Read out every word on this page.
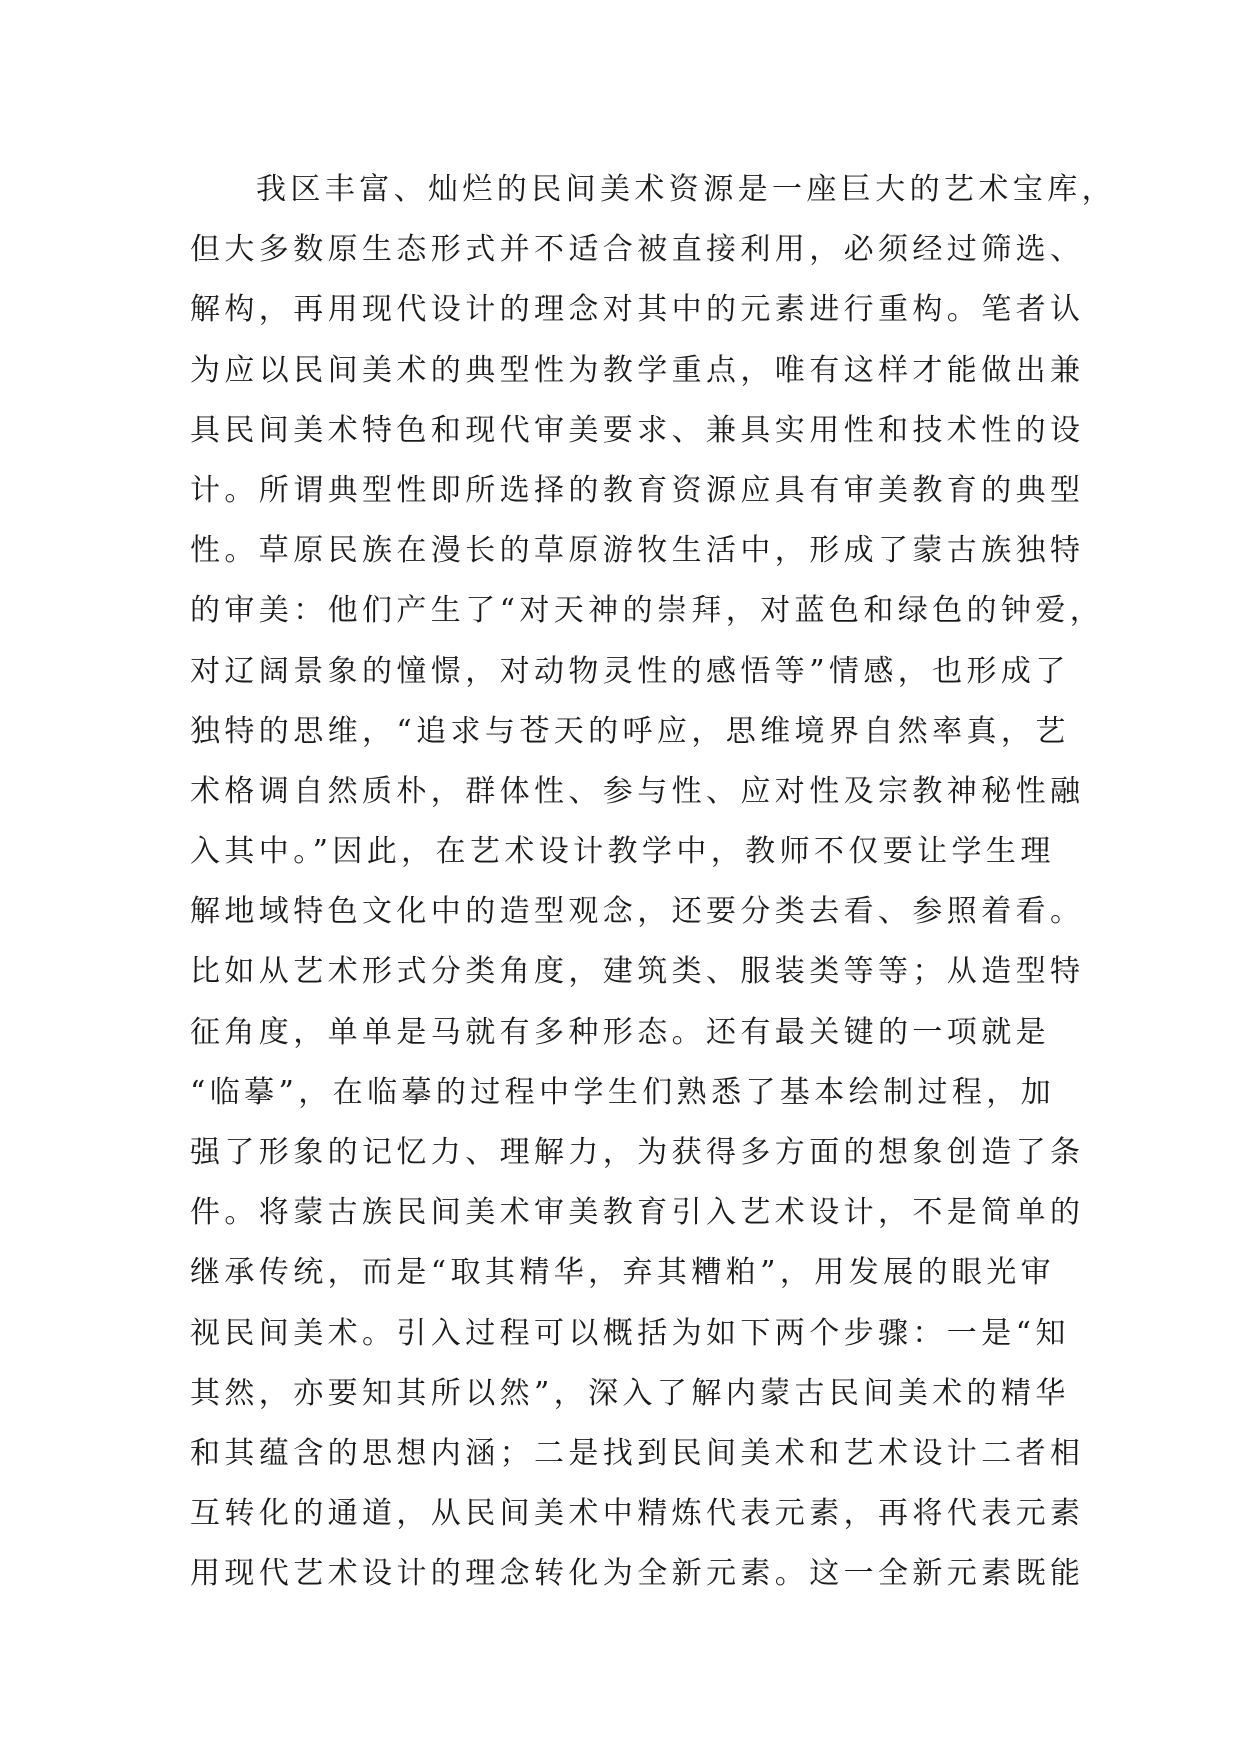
我区丰富、灿烂的民间美术资源是一座巨大的艺术宝库，
但大多数原生态形式并不适合被直接利用，必须经过筛选、
解构，再用现代设计的理念对其中的元素进行重构。笔者认
为应以民间美术的典型性为教学重点，唯有这样才能做出兼
具民间美术特色和现代审美要求、兼具实用性和技术性的设
计。所谓典型性即所选择的教育资源应具有审美教育的典型
性。草原民族在漫长的草原游牧生活中，形成了蒙古族独特
的审美：他们产生了“对天神的崇拜，对蓝色和绿色的钟爱，
对辽阔景象的憧憬，对动物灵性的感悟等”情感，也形成了
独特的思维，“追求与苍天的呼应，思维境界自然率真，艺
术格调自然质朴，群体性、参与性、应对性及宗教神秘性融
入其中。”因此，在艺术设计教学中，教师不仅要让学生理
解地域特色文化中的造型观念，还要分类去看、参照着看。
比如从艺术形式分类角度，建筑类、服装类等等；从造型特
征角度，单单是马就有多种形态。还有最关键的一项就是
“临摹”，在临摹的过程中学生们熟悉了基本绘制过程，加
强了形象的记忆力、理解力，为获得多方面的想象创造了条
件。将蒙古族民间美术审美教育引入艺术设计，不是简单的
继承传统，而是“取其精华，弃其糟粕”，用发展的眼光审
视民间美术。引入过程可以概括为如下两个步骤：一是“知
其然，亦要知其所以然”，深入了解内蒙古民间美术的精华
和其蕴含的思想内涵；二是找到民间美术和艺术设计二者相
互转化的通道，从民间美术中精炼代表元素，再将代表元素
用现代艺术设计的理念转化为全新元素。这一全新元素既能
